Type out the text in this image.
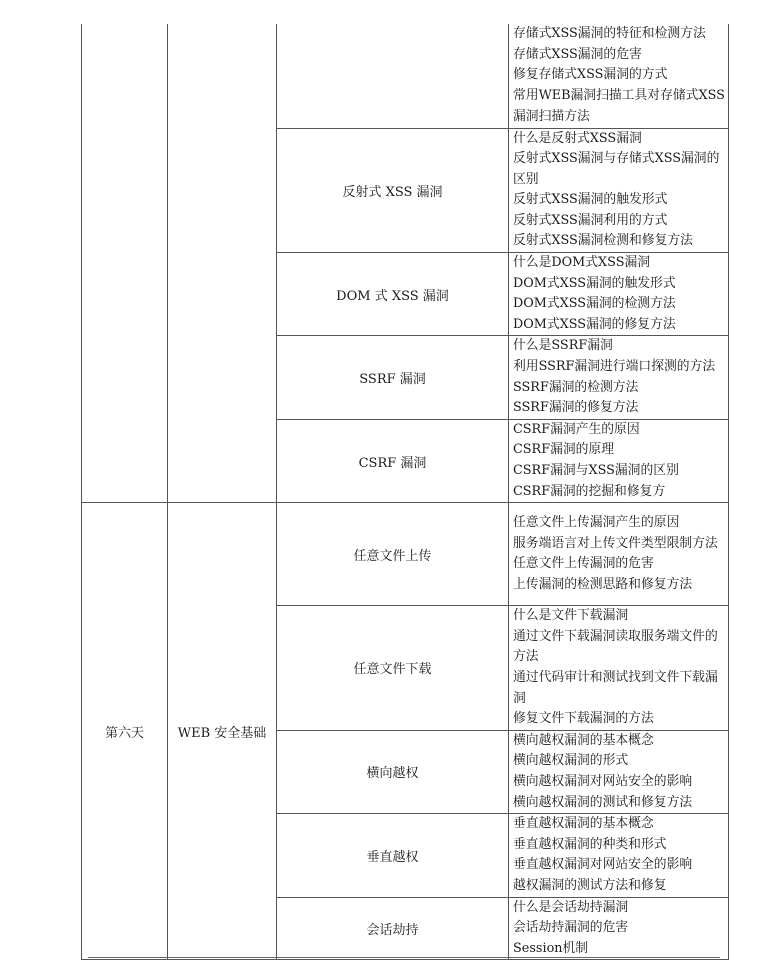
			存储式XSS漏洞的特征和检测方法
存储式XSS漏洞的危害
修复存储式XSS漏洞的方式
常用WEB漏洞扫描工具对存储式XSS漏洞扫描方法

		反射式 XSS 漏洞	什么是反射式XSS漏洞
反射式XSS漏洞与存储式XSS漏洞的区别
反射式XSS漏洞的触发形式
反射式XSS漏洞利用的方式
反射式XSS漏洞检测和修复方法

		DOM 式 XSS 漏洞	什么是DOM式XSS漏洞
DOM式XSS漏洞的触发形式
DOM式XSS漏洞的检测方法
DOM式XSS漏洞的修复方法

		SSRF 漏洞	什么是SSRF漏洞
利用SSRF漏洞进行端口探测的方法
SSRF漏洞的检测方法
SSRF漏洞的修复方法

		CSRF 漏洞	CSRF漏洞产生的原因
CSRF漏洞的原理
CSRF漏洞与XSS漏洞的区别
CSRF漏洞的挖掘和修复方

第六天	WEB 安全基础	任意文件上传	任意文件上传漏洞产生的原因
服务端语言对上传文件类型限制方法
任意文件上传漏洞的危害
上传漏洞的检测思路和修复方法

		任意文件下载	什么是文件下载漏洞
通过文件下载漏洞读取服务端文件的方法
通过代码审计和测试找到文件下载漏洞
修复文件下载漏洞的方法

		横向越权	横向越权漏洞的基本概念
横向越权漏洞的形式
横向越权漏洞对网站安全的影响
横向越权漏洞的测试和修复方法

		垂直越权	垂直越权漏洞的基本概念
垂直越权漏洞的种类和形式
垂直越权漏洞对网站安全的影响
越权漏洞的测试方法和修复

		会话劫持	什么是会话劫持漏洞
会话劫持漏洞的危害
Session机制
